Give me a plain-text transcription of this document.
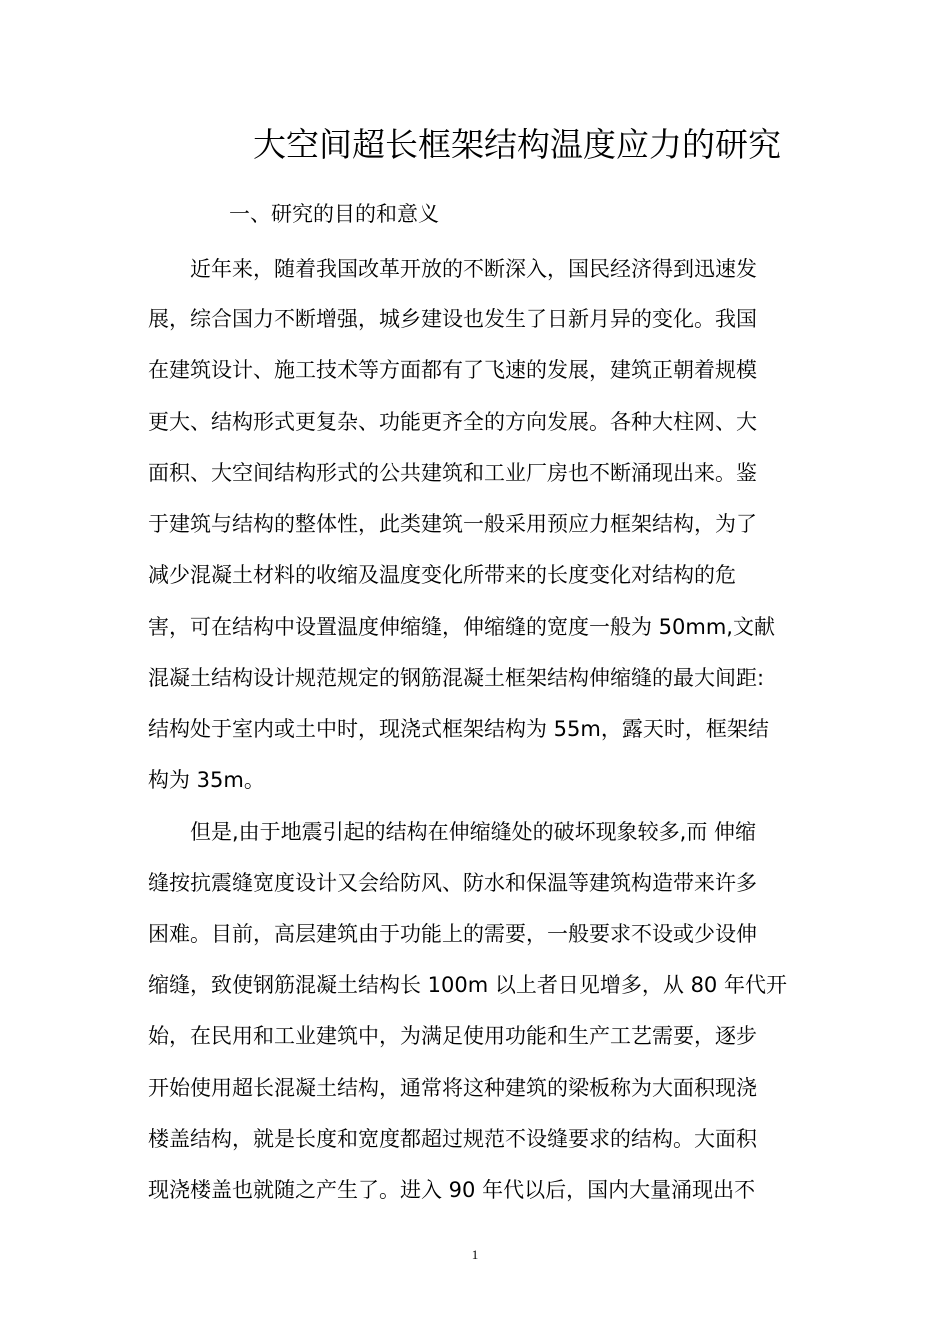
大空间超长框架结构温度应力的研究
一、研究的目的和意义

近年来，随着我国改革开放的不断深入，国民经济得到迅速发

展，综合国力不断增强，城乡建设也发生了日新月异的变化。我国

在建筑设计、施工技术等方面都有了飞速的发展，建筑正朝着规模

更大、结构形式更复杂、功能更齐全的方向发展。各种大柱网、大

面积、大空间结构形式的公共建筑和工业厂房也不断涌现出来。鉴

于建筑与结构的整体性，此类建筑一般采用预应力框架结构，为了

减少混凝土材料的收缩及温度变化所带来的长度变化对结构的危

害，可在结构中设置温度伸缩缝，伸缩缝的宽度一般为 50mm,文献

混凝土结构设计规范规定的钢筋混凝土框架结构伸缩缝的最大间距:

结构处于室内或土中时，现浇式框架结构为 55m，露天时，框架结

构为 35m。

但是,由于地震引起的结构在伸缩缝处的破坏现象较多,而 伸缩

缝按抗震缝宽度设计又会给防风、防水和保温等建筑构造带来许多

困难。目前，高层建筑由于功能上的需要，一般要求不设或少设伸

缩缝，致使钢筋混凝土结构长 100m 以上者日见增多，从 80 年代开

始，在民用和工业建筑中，为满足使用功能和生产工艺需要，逐步

开始使用超长混凝土结构，通常将这种建筑的梁板称为大面积现浇

楼盖结构，就是长度和宽度都超过规范不设缝要求的结构。大面积

现浇楼盖也就随之产生了。进入 90 年代以后，国内大量涌现出不

1
